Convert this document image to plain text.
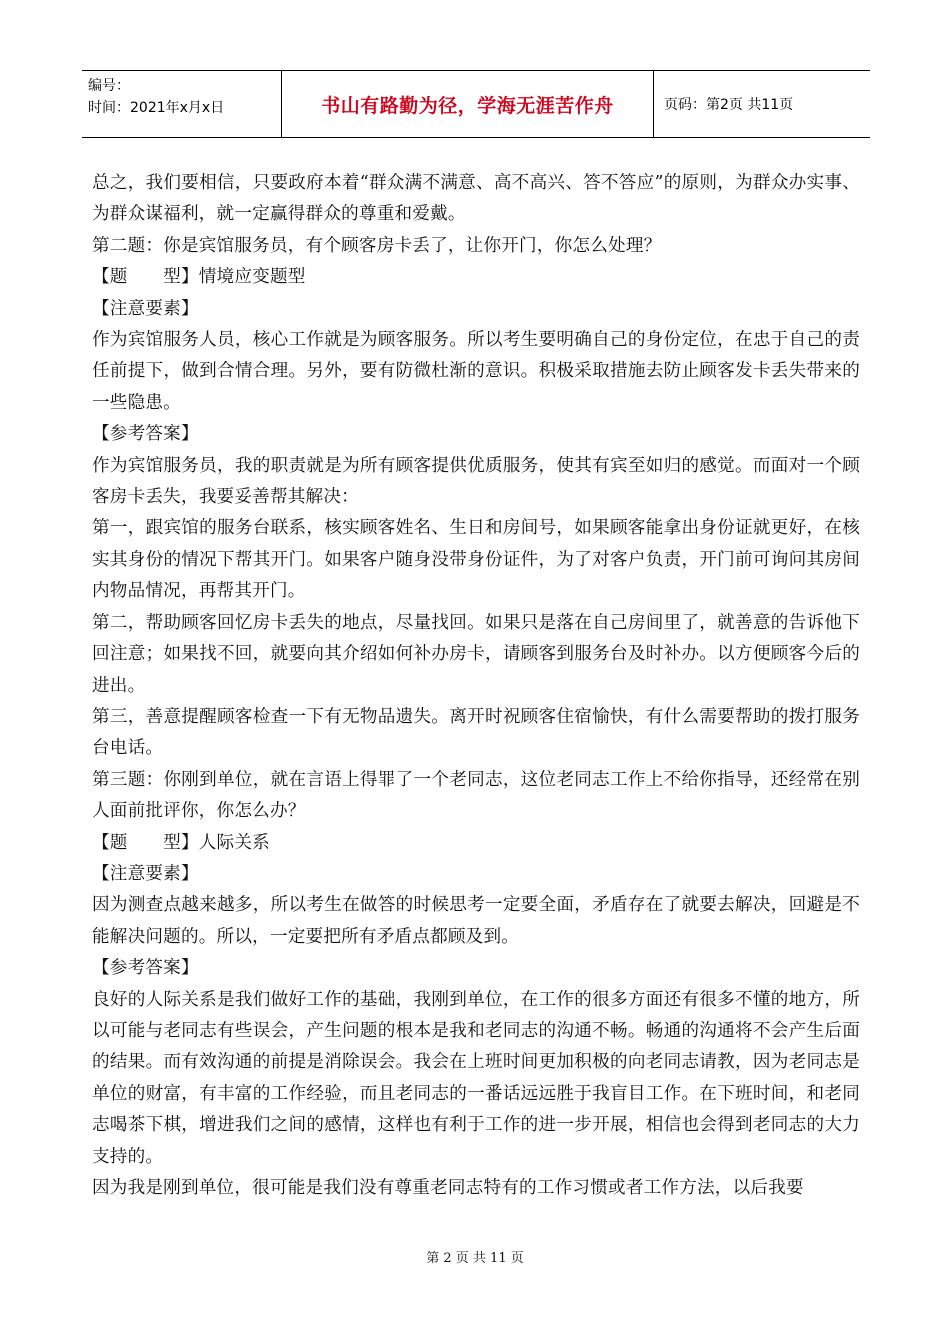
编号：
时间：2021年x月x日	书山有路勤为径，学海无涯苦作舟	页码：第2页 共11页

总之，我们要相信，只要政府本着“群众满不满意、高不高兴、答不答应”的原则，为群众办实事、为群众谋福利，就一定赢得群众的尊重和爱戴。

第二题：你是宾馆服务员，有个顾客房卡丢了，让你开门，你怎么处理？

【题　　型】情境应变题型

【注意要素】

作为宾馆服务人员，核心工作就是为顾客服务。所以考生要明确自己的身份定位，在忠于自己的责任前提下，做到合情合理。另外，要有防微杜渐的意识。积极采取措施去防止顾客发卡丢失带来的一些隐患。

【参考答案】

作为宾馆服务员，我的职责就是为所有顾客提供优质服务，使其有宾至如归的感觉。而面对一个顾客房卡丢失，我要妥善帮其解决：

第一，跟宾馆的服务台联系，核实顾客姓名、生日和房间号，如果顾客能拿出身份证就更好，在核实其身份的情况下帮其开门。如果客户随身没带身份证件，为了对客户负责，开门前可询问其房间内物品情况，再帮其开门。

第二，帮助顾客回忆房卡丢失的地点，尽量找回。如果只是落在自己房间里了，就善意的告诉他下回注意；如果找不回，就要向其介绍如何补办房卡，请顾客到服务台及时补办。以方便顾客今后的进出。

第三，善意提醒顾客检查一下有无物品遗失。离开时祝顾客住宿愉快，有什么需要帮助的拨打服务台电话。

第三题：你刚到单位，就在言语上得罪了一个老同志，这位老同志工作上不给你指导，还经常在别人面前批评你，你怎么办？

【题　　型】人际关系

【注意要素】

因为测查点越来越多，所以考生在做答的时候思考一定要全面，矛盾存在了就要去解决，回避是不能解决问题的。所以，一定要把所有矛盾点都顾及到。

【参考答案】

良好的人际关系是我们做好工作的基础，我刚到单位，在工作的很多方面还有很多不懂的地方，所以可能与老同志有些误会，产生问题的根本是我和老同志的沟通不畅。畅通的沟通将不会产生后面的结果。而有效沟通的前提是消除误会。我会在上班时间更加积极的向老同志请教，因为老同志是单位的财富，有丰富的工作经验，而且老同志的一番话远远胜于我盲目工作。在下班时间，和老同志喝茶下棋，增进我们之间的感情，这样也有利于工作的进一步开展，相信也会得到老同志的大力支持的。

因为我是刚到单位，很可能是我们没有尊重老同志特有的工作习惯或者工作方法，以后我要

第 2 页 共 11 页
